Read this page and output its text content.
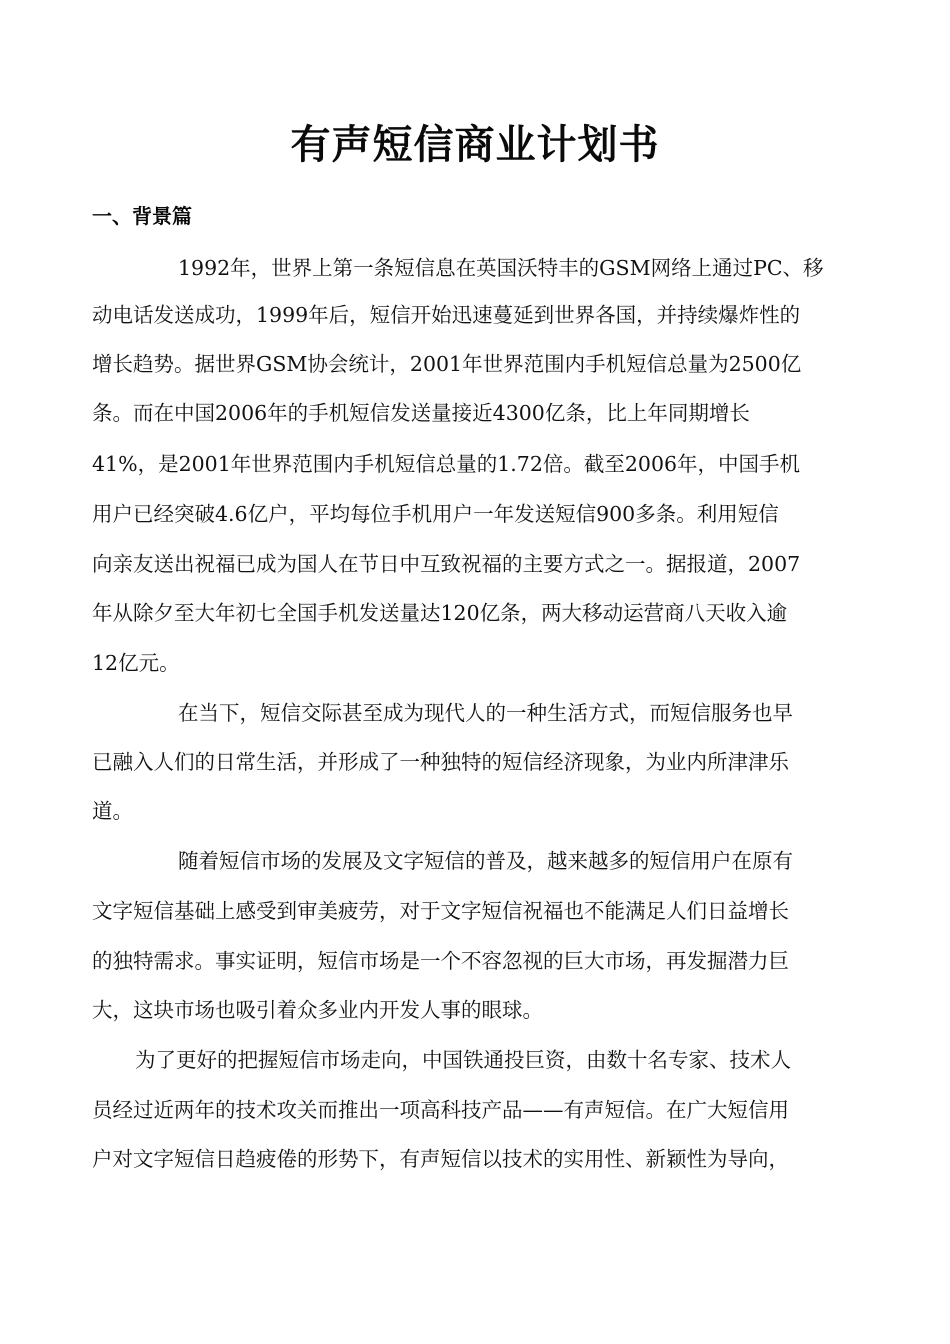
有声短信商业计划书
一、背景篇
1992年，世界上第一条短信息在英国沃特丰的GSM网络上通过PC、移
动电话发送成功，1999年后，短信开始迅速蔓延到世界各国，并持续爆炸性的
增长趋势。据世界GSM协会统计，2001年世界范围内手机短信总量为2500亿
条。而在中国2006年的手机短信发送量接近4300亿条，比上年同期增长
41%，是2001年世界范围内手机短信总量的1.72倍。截至2006年，中国手机
用户已经突破4.6亿户，平均每位手机用户一年发送短信900多条。利用短信
向亲友送出祝福已成为国人在节日中互致祝福的主要方式之一。据报道，2007
年从除夕至大年初七全国手机发送量达120亿条，两大移动运营商八天收入逾
12亿元。
在当下，短信交际甚至成为现代人的一种生活方式，而短信服务也早
已融入人们的日常生活，并形成了一种独特的短信经济现象，为业内所津津乐
道。
随着短信市场的发展及文字短信的普及，越来越多的短信用户在原有
文字短信基础上感受到审美疲劳，对于文字短信祝福也不能满足人们日益增长
的独特需求。事实证明，短信市场是一个不容忽视的巨大市场，再发掘潜力巨
大，这块市场也吸引着众多业内开发人事的眼球。
为了更好的把握短信市场走向，中国铁通投巨资，由数十名专家、技术人
员经过近两年的技术攻关而推出一项高科技产品——有声短信。在广大短信用
户对文字短信日趋疲倦的形势下，有声短信以技术的实用性、新颖性为导向，
